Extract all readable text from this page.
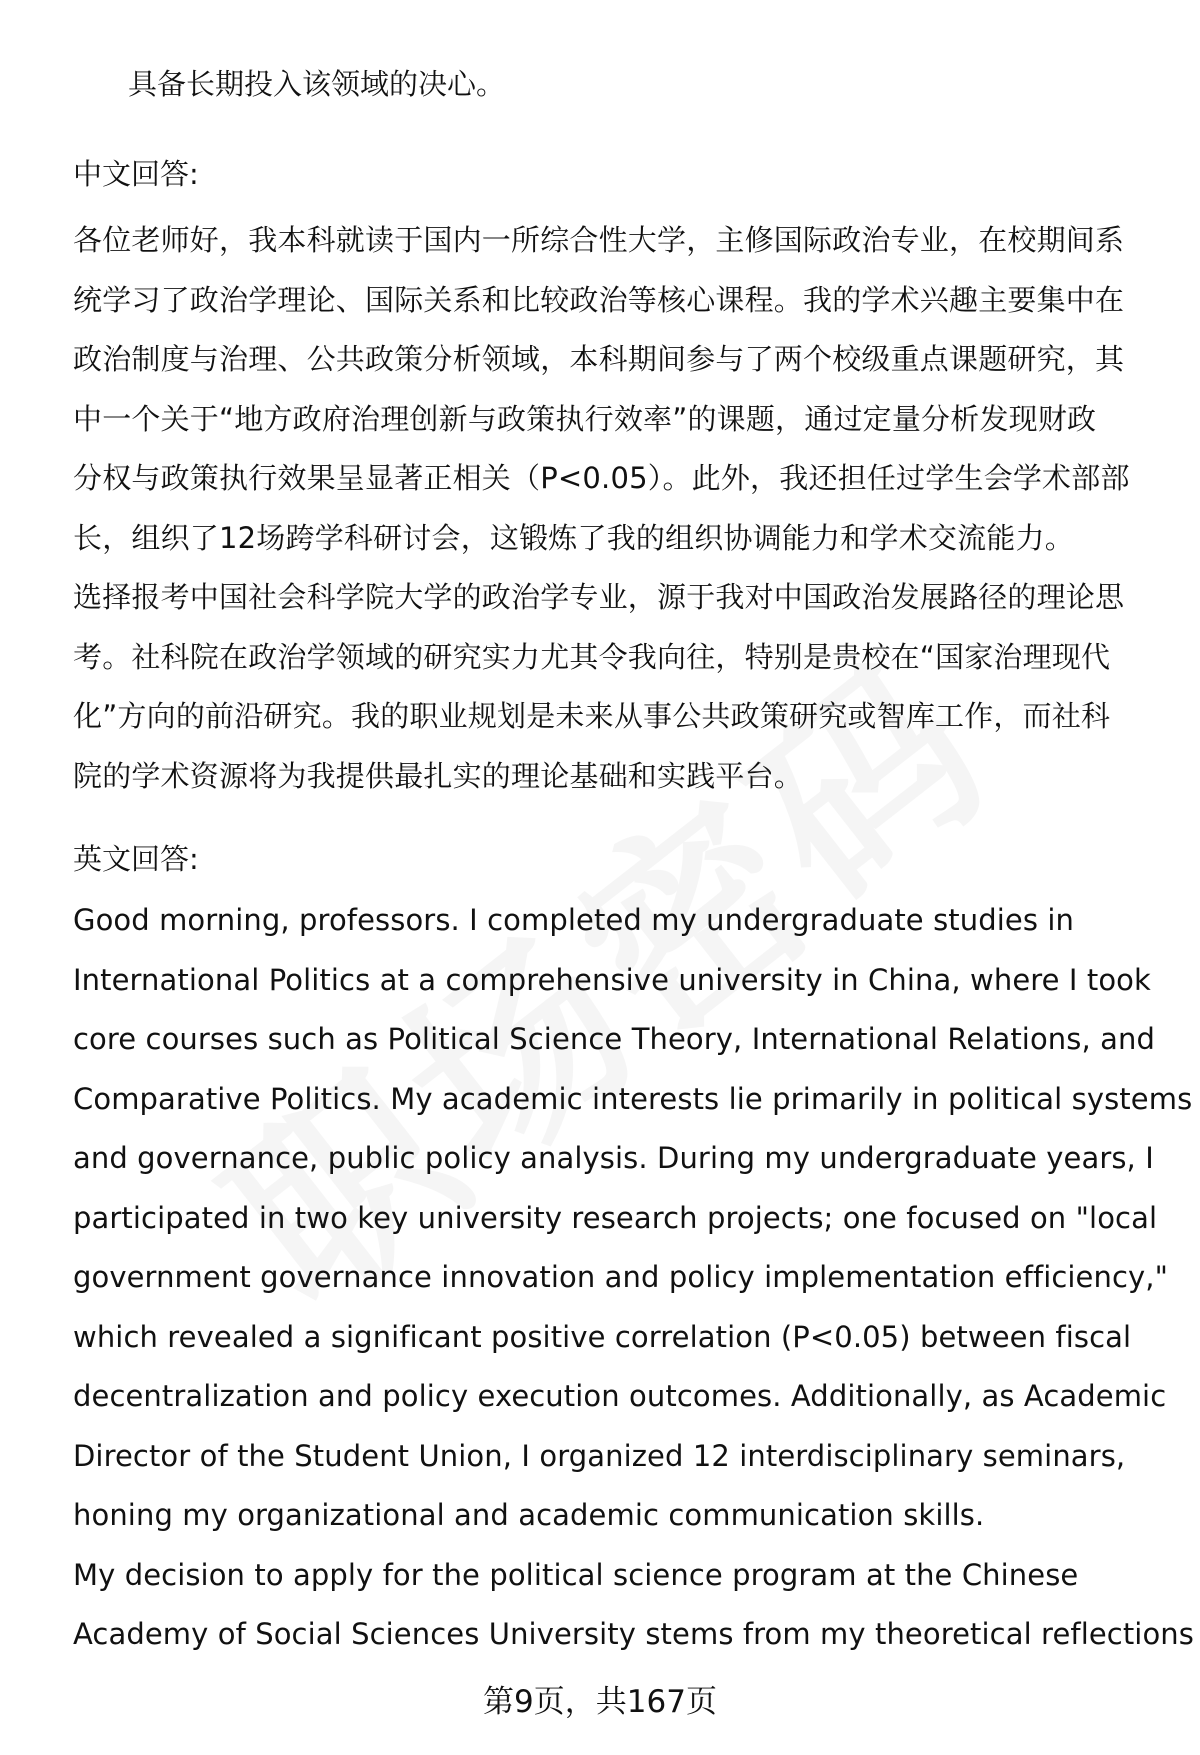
具备长期投入该领域的决心。

中文回答:

各位老师好，我本科就读于国内一所综合性大学，主修国际政治专业，在校期间系
统学习了政治学理论、国际关系和比较政治等核心课程。我的学术兴趣主要集中在
政治制度与治理、公共政策分析领域，本科期间参与了两个校级重点课题研究，其
中一个关于“地方政府治理创新与政策执行效率”的课题，通过定量分析发现财政
分权与政策执行效果呈显著正相关（P<0.05）。此外，我还担任过学生会学术部部
长，组织了12场跨学科研讨会，这锻炼了我的组织协调能力和学术交流能力。
选择报考中国社会科学院大学的政治学专业，源于我对中国政治发展路径的理论思
考。社科院在政治学领域的研究实力尤其令我向往，特别是贵校在“国家治理现代
化”方向的前沿研究。我的职业规划是未来从事公共政策研究或智库工作，而社科
院的学术资源将为我提供最扎实的理论基础和实践平台。

英文回答:

Good morning, professors. I completed my undergraduate studies in
International Politics at a comprehensive university in China, where I took
core courses such as Political Science Theory, International Relations, and
Comparative Politics. My academic interests lie primarily in political systems
and governance, public policy analysis. During my undergraduate years, I
participated in two key university research projects; one focused on "local
government governance innovation and policy implementation efficiency,"
which revealed a significant positive correlation (P<0.05) between fiscal
decentralization and policy execution outcomes. Additionally, as Academic
Director of the Student Union, I organized 12 interdisciplinary seminars,
honing my organizational and academic communication skills.
My decision to apply for the political science program at the Chinese
Academy of Social Sciences University stems from my theoretical reflections

第9页，共167页
